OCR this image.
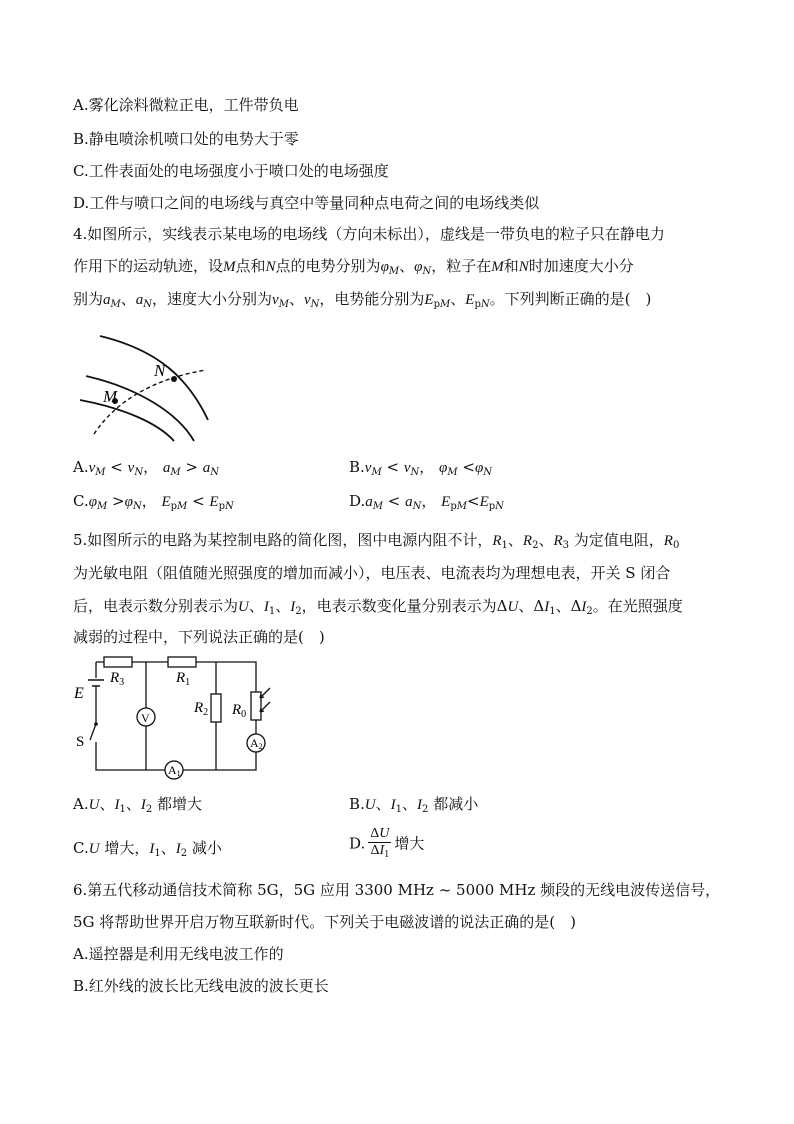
A.雾化涂料微粒正电，工件带负电
B.静电喷涂机喷口处的电势大于零
C.工件表面处的电场强度小于喷口处的电场强度
D.工件与喷口之间的电场线与真空中等量同种点电荷之间的电场线类似
4.如图所示，实线表示某电场的电场线（方向未标出），虚线是一带负电的粒子只在静电力
作用下的运动轨迹，设M点和N点的电势分别为$\varphi_M$、$\varphi_N$，粒子在M和N时加速度大小分
别为$a_M$、$a_N$，速度大小分别为$v_M$、$v_N$，电势能分别为$E_{pM}$、$E_{pN}$。下列判断正确的是(　)
M
N
$A.v_M < v_N$， $a_M > a_N$	$B.v_M < v_N$， $\varphi_M <\varphi_N$
$C.\varphi_M >\varphi_N$， $E_{pM} < E_{pN}$	$D.a_M < a_N$， $E_{pM}<E_{pN}$
5.如图所示的电路为某控制电路的简化图，图中电源内阻不计，$R_1$、$R_2$、$R_3$ 为定值电阻，$R_0$
为光敏电阻（阻值随光照强度的增加而减小），电压表、电流表均为理想电表，开关 S 闭合
后，电表示数分别表示为U、$I_1$、$I_2$，电表示数变化量分别表示为ΔU、$\Delta I_1$、$\Delta I_2$。在光照强度
减弱的过程中，下列说法正确的是(　)
E
S
$R_3$	$R_1$
$R_2$ $R_0$
V
A1
A2
A.U、$I_1$、$I_2$ 都增大	B.U、$I_1$、$I_2$ 都减小
C.U 增大，$I_1$、$I_2$ 减小	D. $\frac{\Delta U}{\Delta I_1}$ 增大
6.第五代移动通信技术简称 5G，5G 应用 3300 MHz ~ 5000 MHz 频段的无线电波传送信号，
5G 将帮助世界开启万物互联新时代。下列关于电磁波谱的说法正确的是(　)
A.遥控器是利用无线电波工作的
B.红外线的波长比无线电波的波长更长
